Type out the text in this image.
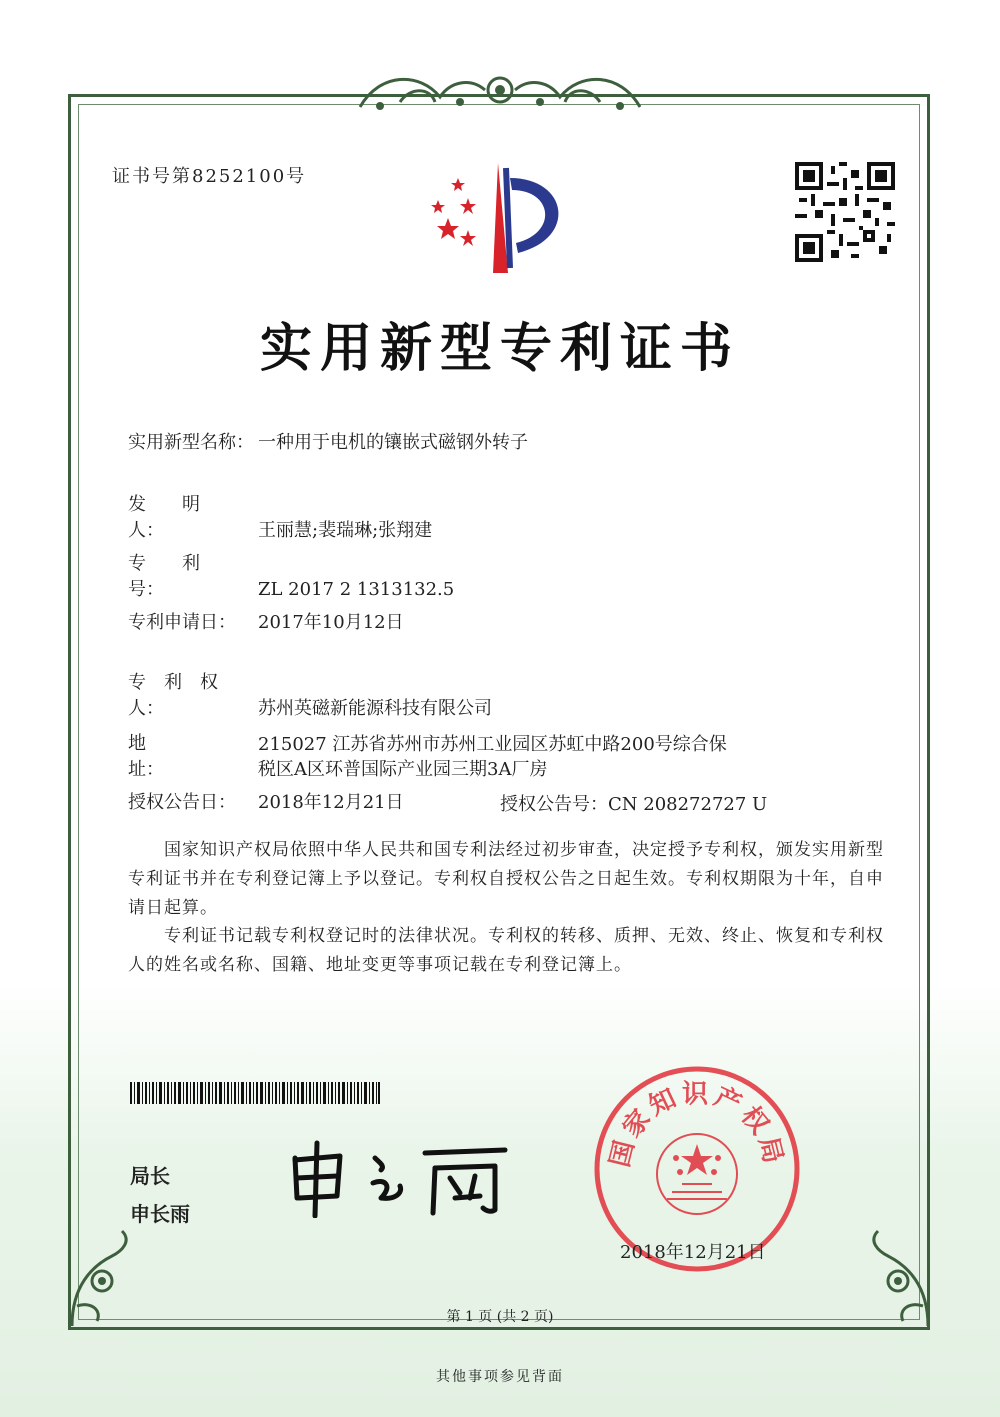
证书号第8252100号
实用新型专利证书
实用新型名称： 一种用于电机的镶嵌式磁钢外转子
发　　明　　人：	王丽慧;裴瑞琳;张翔建
专　　利　　号：	ZL 2017 2 1313132.5
专利申请日： 2017年10月12日
专　利　权　人：	苏州英磁新能源科技有限公司
地　　　　　址：
215027 江苏省苏州市苏州工业园区苏虹中路200号综合保
税区A区环普国际产业园三期3A厂房
授权公告日： 2018年12月21日	授权公告号：CN 208272727 U
国家知识产权局依照中华人民共和国专利法经过初步审查，决定授予专利权，颁发实用新型专利证书并在专利登记簿上予以登记。专利权自授权公告之日起生效。专利权期限为十年，自申请日起算。
专利证书记载专利权登记时的法律状况。专利权的转移、质押、无效、终止、恢复和专利权人的姓名或名称、国籍、地址变更等事项记载在专利登记簿上。
局长
申长雨
国家知识产权局
2018年12月21日
第 1 页 (共 2 页)
其他事项参见背面
